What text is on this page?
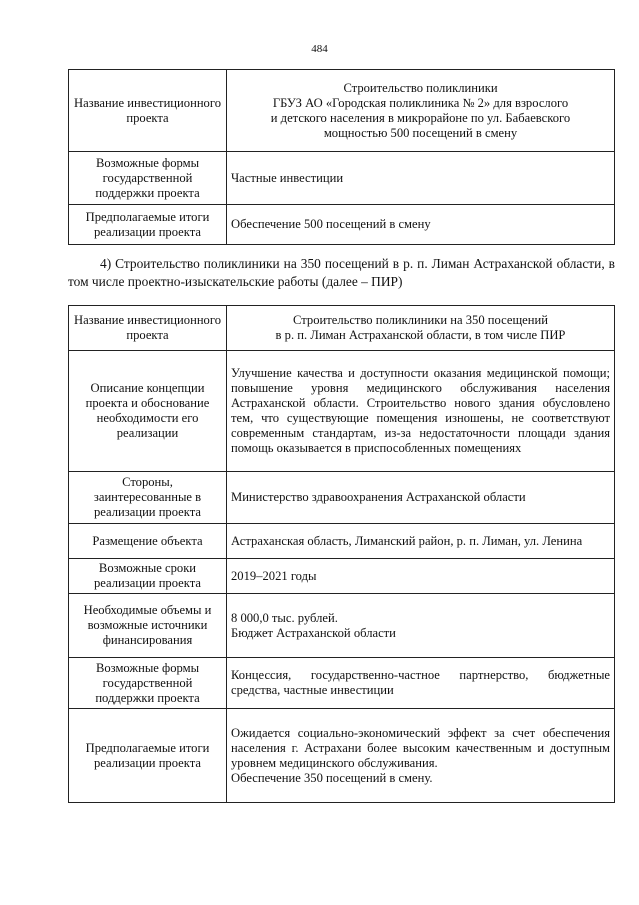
484
Название инвестиционного проекта	Строительство поликлиники
ГБУЗ АО «Городская поликлиника № 2» для взрослого
и детского населения в микрорайоне по ул. Бабаевского
мощностью 500 посещений в смену

Возможные формы государственной поддержки проекта	Частные инвестиции

Предполагаемые итоги реализации проекта	Обеспечение 500 посещений в смену
4) Строительство поликлиники на 350 посещений в р. п. Лиман Астраханской области, в том числе проектно-изыскательские работы (далее – ПИР)
Название инвестиционного проекта	Строительство поликлиники на 350 посещений
в р. п. Лиман Астраханской области, в том числе ПИР

Описание концепции проекта и обоснование необходимости его реализации	Улучшение качества и доступности оказания медицинской помощи; повышение уровня медицинского обслуживания населения Астраханской области. Строительство нового здания обусловлено тем, что существующие помещения изношены, не соответствуют современным стандартам, из-за недостаточности площади здания помощь оказывается в приспособленных помещениях

Стороны, заинтересованные в реализации проекта	Министерство здравоохранения Астраханской области

Размещение объекта	Астраханская область, Лиманский район, р. п. Лиман, ул. Ленина

Возможные сроки реализации проекта	2019–2021 годы

Необходимые объемы и возможные источники финансирования	8 000,0 тыс. рублей.
Бюджет Астраханской области

Возможные формы государственной поддержки проекта	Концессия, государственно-частное партнерство, бюджетные средства, частные инвестиции

Предполагаемые итоги реализации проекта	Ожидается социально-экономический эффект за счет обеспечения населения г. Астрахани более высоким качественным и доступным уровнем медицинского обслуживания.
Обеспечение 350 посещений в смену.
